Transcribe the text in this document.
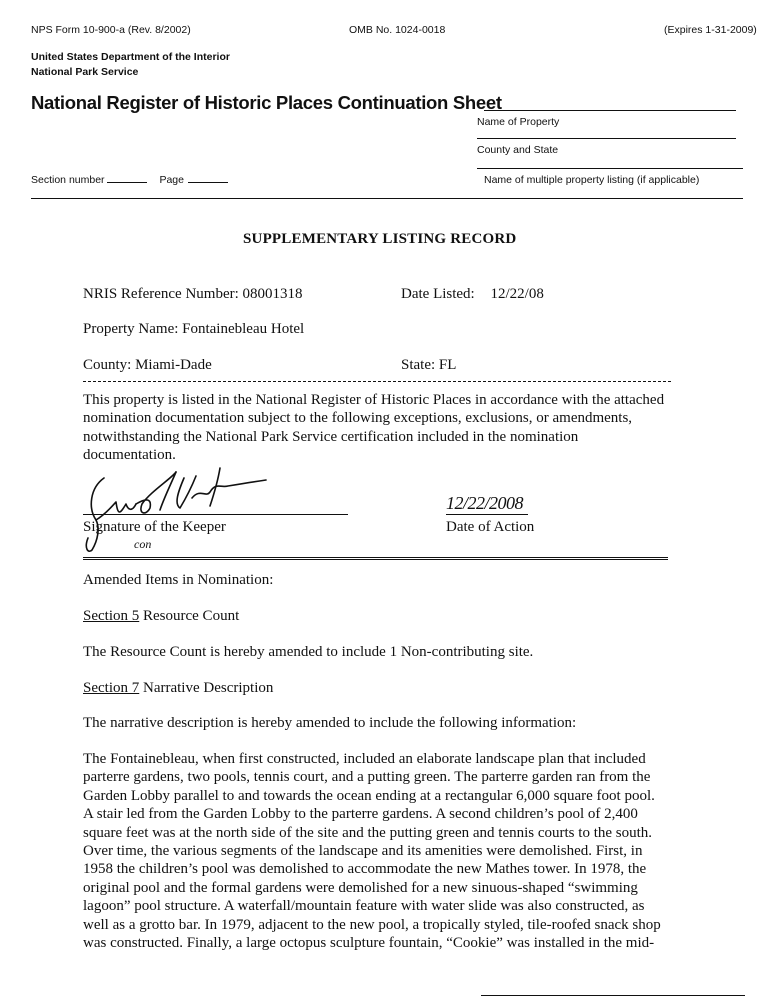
NPS Form 10-900-a (Rev. 8/2002)	OMB No. 1024-0018	(Expires 1-31-2009)
United States Department of the Interior
National Park Service
National Register of Historic Places Continuation Sheet
Name of Property
County and State
Section number	Page	Name of multiple property listing (if applicable)
SUPPLEMENTARY LISTING RECORD
NRIS Reference Number: 08001318	Date Listed: 12/22/08
Property Name: Fontainebleau Hotel
County: Miami-Dade	State: FL
This property is listed in the National Register of Historic Places in accordance with the attached
nomination documentation subject to the following exceptions, exclusions, or amendments,
notwithstanding the National Park Service certification included in the nomination
documentation.
con
Signature of the Keeper
12/22/2008
Date of Action
Amended Items in Nomination:
Section 5 Resource Count
The Resource Count is hereby amended to include 1 Non-contributing site.
Section 7 Narrative Description
The narrative description is hereby amended to include the following information:
The Fontainebleau, when first constructed, included an elaborate landscape plan that included
parterre gardens, two pools, tennis court, and a putting green. The parterre garden ran from the
Garden Lobby parallel to and towards the ocean ending at a rectangular 6,000 square foot pool.
A stair led from the Garden Lobby to the parterre gardens. A second children’s pool of 2,400
square feet was at the north side of the site and the putting green and tennis courts to the south.
Over time, the various segments of the landscape and its amenities were demolished. First, in
1958 the children’s pool was demolished to accommodate the new Mathes tower. In 1978, the
original pool and the formal gardens were demolished for a new sinuous-shaped “swimming
lagoon” pool structure. A waterfall/mountain feature with water slide was also constructed, as
well as a grotto bar. In 1979, adjacent to the new pool, a tropically styled, tile-roofed snack shop
was constructed. Finally, a large octopus sculpture fountain, “Cookie” was installed in the mid-
